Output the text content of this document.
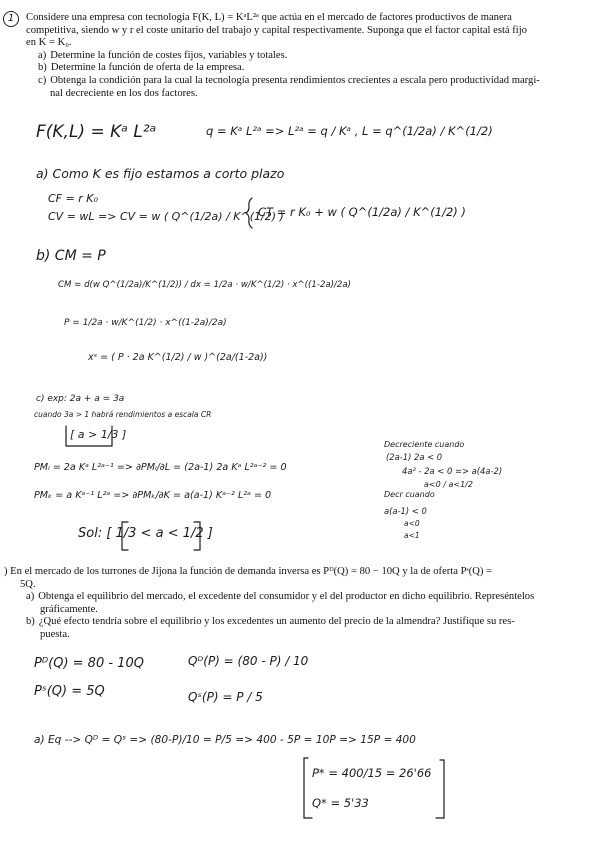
1	Considere una empresa con tecnología F(K, L) = KᵃL²ᵃ que actúa en el mercado de factores productivos de manera
competitiva, siendo w y r el coste unitario del trabajo y capital respectivamente. Suponga que el factor capital está fijo
en K = K₀.
a) Determine la función de costes fijos, variables y totales.
b) Determine la función de oferta de la empresa.
c) Obtenga la condición para la cual la tecnología presenta rendimientos crecientes a escala pero productividad margi-
nal decreciente en los dos factores.
F(K,L) = Kᵃ L²ᵃ	q = Kᵃ L²ᵃ => L²ᵃ = q / Kᵃ , L = q^(1/2a) / K^(1/2)
a) Como K es fijo estamos a corto plazo
CF = r K₀
CV = wL => CV = w ( Q^(1/2a) / K^(1/2) )
CT = r K₀ + w ( Q^(1/2a) / K^(1/2) )
b) CM = P
CM = d(w Q^(1/2a)/K^(1/2)) / dx = 1/2a · w/K^(1/2) · x^((1-2a)/2a)
P = 1/2a · w/K^(1/2) · x^((1-2a)/2a)
xˢ = ( P · 2a K^(1/2) / w )^(2a/(1-2a))
c) exp: 2a + a = 3a
cuando 3a > 1 habrá rendimientos a escala CR
[ a > 1/3 ]
PMₗ = 2a Kᵃ L²ᵃ⁻¹ => ∂PMₗ/∂L = (2a-1) 2a Kᵃ L²ᵃ⁻² = 0
Decreciente cuando
(2a-1) 2a < 0
4a² - 2a < 0 => a(4a-2)
a<0 / a<1/2
PMₖ = a Kᵃ⁻¹ L²ᵃ => ∂PMₖ/∂K = a(a-1) Kᵃ⁻² L²ᵃ = 0	Decr cuando
a(a-1) < 0
a<0
a<1
Sol: [ 1/3 < a < 1/2 ]
) En el mercado de los turrones de Jijona la función de demanda inversa es Pᴰ(Q) = 80 − 10Q y la de oferta Pˢ(Q) =
5Q.
a) Obtenga el equilibrio del mercado, el excedente del consumidor y el del productor en dicho equilibrio. Represéntelos
gráficamente.
b) ¿Qué efecto tendría sobre el equilibrio y los excedentes un aumento del precio de la almendra? Justifique su res-
puesta.
Pᴰ(Q) = 80 - 10Q
Pˢ(Q) = 5Q
Qᴰ(P) = (80 - P) / 10
Qˢ(P) = P / 5
a) Eq --> Qᴰ = Qˢ => (80-P)/10 = P/5 => 400 - 5P = 10P => 15P = 400
P* = 400/15 = 26'66
Q* = 5'33
